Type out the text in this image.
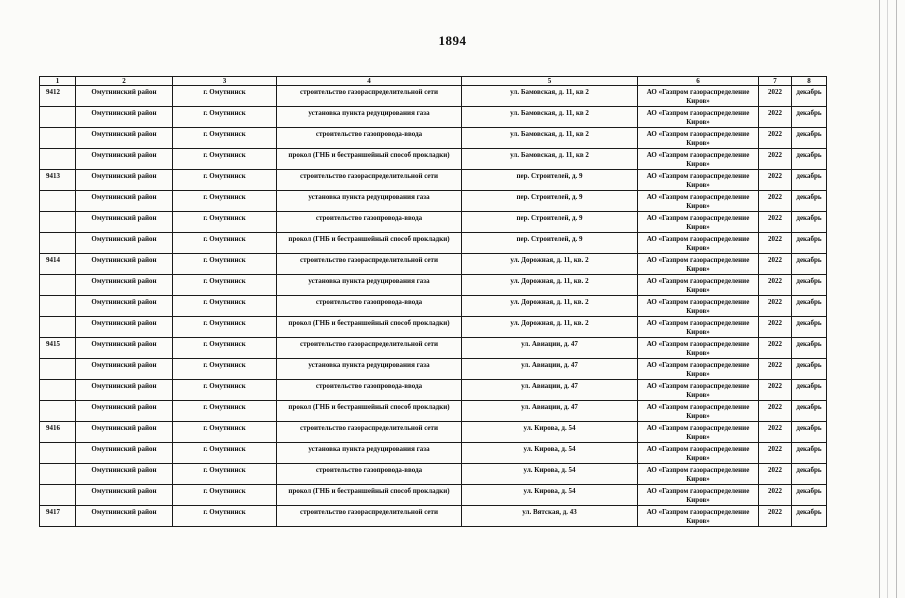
1894
1	2	3	4	5	6	7	8
9412	Омутнинский район	г. Омутнинск	строительство газораспределительной сети	ул. Бамовская, д. 11, кв 2	АО «Газпром газораспределение Киров»	2022	декабрь
	Омутнинский район	г. Омутнинск	установка пункта редуцирования газа	ул. Бамовская, д. 11, кв 2	АО «Газпром газораспределение Киров»	2022	декабрь
	Омутнинский район	г. Омутнинск	строительство газопровода-ввода	ул. Бамовская, д. 11, кв 2	АО «Газпром газораспределение Киров»	2022	декабрь
	Омутнинский район	г. Омутнинск	прокол (ГНБ и бестраншейный способ прокладки)	ул. Бамовская, д. 11, кв 2	АО «Газпром газораспределение Киров»	2022	декабрь
9413	Омутнинский район	г. Омутнинск	строительство газораспределительной сети	пер. Строителей, д. 9	АО «Газпром газораспределение Киров»	2022	декабрь
	Омутнинский район	г. Омутнинск	установка пункта редуцирования газа	пер. Строителей, д. 9	АО «Газпром газораспределение Киров»	2022	декабрь
	Омутнинский район	г. Омутнинск	строительство газопровода-ввода	пер. Строителей, д. 9	АО «Газпром газораспределение Киров»	2022	декабрь
	Омутнинский район	г. Омутнинск	прокол (ГНБ и бестраншейный способ прокладки)	пер. Строителей, д. 9	АО «Газпром газораспределение Киров»	2022	декабрь
9414	Омутнинский район	г. Омутнинск	строительство газораспределительной сети	ул. Дорожная, д. 11, кв. 2	АО «Газпром газораспределение Киров»	2022	декабрь
	Омутнинский район	г. Омутнинск	установка пункта редуцирования газа	ул. Дорожная, д. 11, кв. 2	АО «Газпром газораспределение Киров»	2022	декабрь
	Омутнинский район	г. Омутнинск	строительство газопровода-ввода	ул. Дорожная, д. 11, кв. 2	АО «Газпром газораспределение Киров»	2022	декабрь
	Омутнинский район	г. Омутнинск	прокол (ГНБ и бестраншейный способ прокладки)	ул. Дорожная, д. 11, кв. 2	АО «Газпром газораспределение Киров»	2022	декабрь
9415	Омутнинский район	г. Омутнинск	строительство газораспределительной сети	ул. Авиации, д. 47	АО «Газпром газораспределение Киров»	2022	декабрь
	Омутнинский район	г. Омутнинск	установка пункта редуцирования газа	ул. Авиации, д. 47	АО «Газпром газораспределение Киров»	2022	декабрь
	Омутнинский район	г. Омутнинск	строительство газопровода-ввода	ул. Авиации, д. 47	АО «Газпром газораспределение Киров»	2022	декабрь
	Омутнинский район	г. Омутнинск	прокол (ГНБ и бестраншейный способ прокладки)	ул. Авиации, д. 47	АО «Газпром газораспределение Киров»	2022	декабрь
9416	Омутнинский район	г. Омутнинск	строительство газораспределительной сети	ул. Кирова, д. 54	АО «Газпром газораспределение Киров»	2022	декабрь
	Омутнинский район	г. Омутнинск	установка пункта редуцирования газа	ул. Кирова, д. 54	АО «Газпром газораспределение Киров»	2022	декабрь
	Омутнинский район	г. Омутнинск	строительство газопровода-ввода	ул. Кирова, д. 54	АО «Газпром газораспределение Киров»	2022	декабрь
	Омутнинский район	г. Омутнинск	прокол (ГНБ и бестраншейный способ прокладки)	ул. Кирова, д. 54	АО «Газпром газораспределение Киров»	2022	декабрь
9417	Омутнинский район	г. Омутнинск	строительство газораспределительной сети	ул. Вятская, д. 43	АО «Газпром газораспределение Киров»	2022	декабрь
